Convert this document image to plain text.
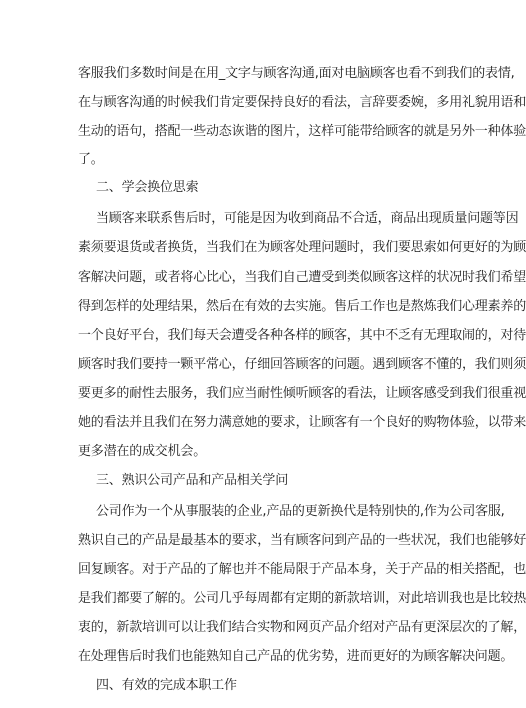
客服我们多数时间是在用_文字与顾客沟通,面对电脑顾客也看不到我们的表情,
在与顾客沟通的时候我们肯定要保持良好的看法，言辞要委婉，多用礼貌用语和
生动的语句，搭配一些动态诙谐的图片，这样可能带给顾客的就是另外一种体验
了。
二、学会换位思索
当顾客来联系售后时，可能是因为收到商品不合适，商品出现质量问题等因
素须要退货或者换货，当我们在为顾客处理问题时，我们要思索如何更好的为顾
客解决问题，或者将心比心，当我们自己遭受到类似顾客这样的状况时我们希望
得到怎样的处理结果，然后在有效的去实施。售后工作也是熬炼我们心理素养的
一个良好平台，我们每天会遭受各种各样的顾客，其中不乏有无理取闹的，对待
顾客时我们要持一颗平常心，仔细回答顾客的问题。遇到顾客不懂的，我们则须
要更多的耐性去服务，我们应当耐性倾听顾客的看法，让顾客感受到我们很重视
她的看法并且我们在努力满意她的要求，让顾客有一个良好的购物体验，以带来
更多潜在的成交机会。
三、熟识公司产品和产品相关学问
公司作为一个从事服装的企业,产品的更新换代是特别快的,作为公司客服,
熟识自己的产品是最基本的要求，当有顾客问到产品的一些状况，我们也能够好
回复顾客。对于产品的了解也并不能局限于产品本身，关于产品的相关搭配，也
是我们都要了解的。公司几乎每周都有定期的新款培训，对此培训我也是比较热
衷的，新款培训可以让我们结合实物和网页产品介绍对产品有更深层次的了解，
在处理售后时我们也能熟知自己产品的优劣势，进而更好的为顾客解决问题。
四、有效的完成本职工作
